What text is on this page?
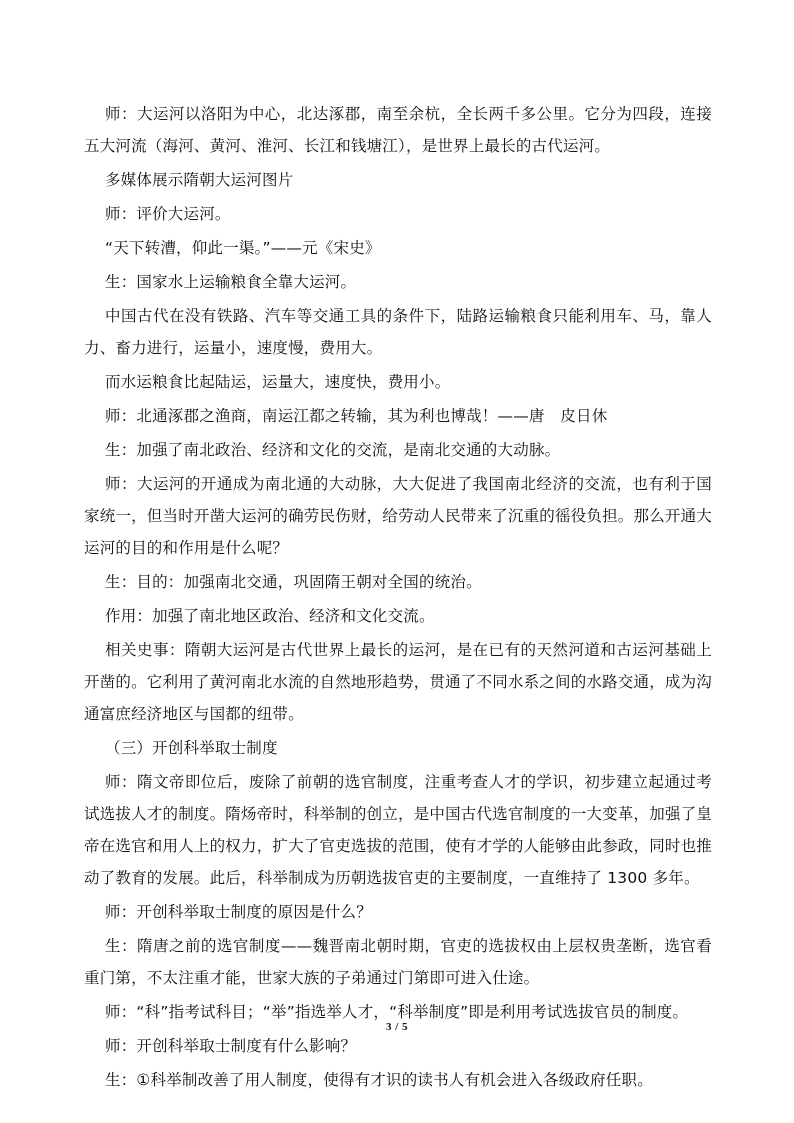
师：大运河以洛阳为中心，北达涿郡，南至余杭，全长两千多公里。它分为四段，连接五大河流（海河、黄河、淮河、长江和钱塘江），是世界上最长的古代运河。

多媒体展示隋朝大运河图片

师：评价大运河。

“天下转漕，仰此一渠。”——元《宋史》

生：国家水上运输粮食全靠大运河。

中国古代在没有铁路、汽车等交通工具的条件下，陆路运输粮食只能利用车、马，靠人力、畜力进行，运量小，速度慢，费用大。

而水运粮食比起陆运，运量大，速度快，费用小。

师：北通涿郡之渔商，南运江都之转输，其为利也博哉！——唐　皮日休

生：加强了南北政治、经济和文化的交流，是南北交通的大动脉。

师：大运河的开通成为南北通的大动脉，大大促进了我国南北经济的交流，也有利于国家统一，但当时开凿大运河的确劳民伤财，给劳动人民带来了沉重的徭役负担。那么开通大运河的目的和作用是什么呢？

生：目的：加强南北交通，巩固隋王朝对全国的统治。

作用：加强了南北地区政治、经济和文化交流。

相关史事：隋朝大运河是古代世界上最长的运河，是在已有的天然河道和古运河基础上开凿的。它利用了黄河南北水流的自然地形趋势，贯通了不同水系之间的水路交通，成为沟通富庶经济地区与国都的纽带。

（三）开创科举取士制度

师：隋文帝即位后，废除了前朝的选官制度，注重考查人才的学识，初步建立起通过考试选拔人才的制度。隋炀帝时，科举制的创立，是中国古代选官制度的一大变革，加强了皇帝在选官和用人上的权力，扩大了官吏选拔的范围，使有才学的人能够由此参政，同时也推动了教育的发展。此后，科举制成为历朝选拔官吏的主要制度，一直维持了 1300 多年。

师：开创科举取士制度的原因是什么？

生：隋唐之前的选官制度——魏晋南北朝时期，官吏的选拔权由上层权贵垄断，选官看重门第，不太注重才能，世家大族的子弟通过门第即可进入仕途。

师：“科”指考试科目；“举”指选举人才，“科举制度”即是利用考试选拔官员的制度。

师：开创科举取士制度有什么影响？

生：①科举制改善了用人制度，使得有才识的读书人有机会进入各级政府任职。

3 / 5
